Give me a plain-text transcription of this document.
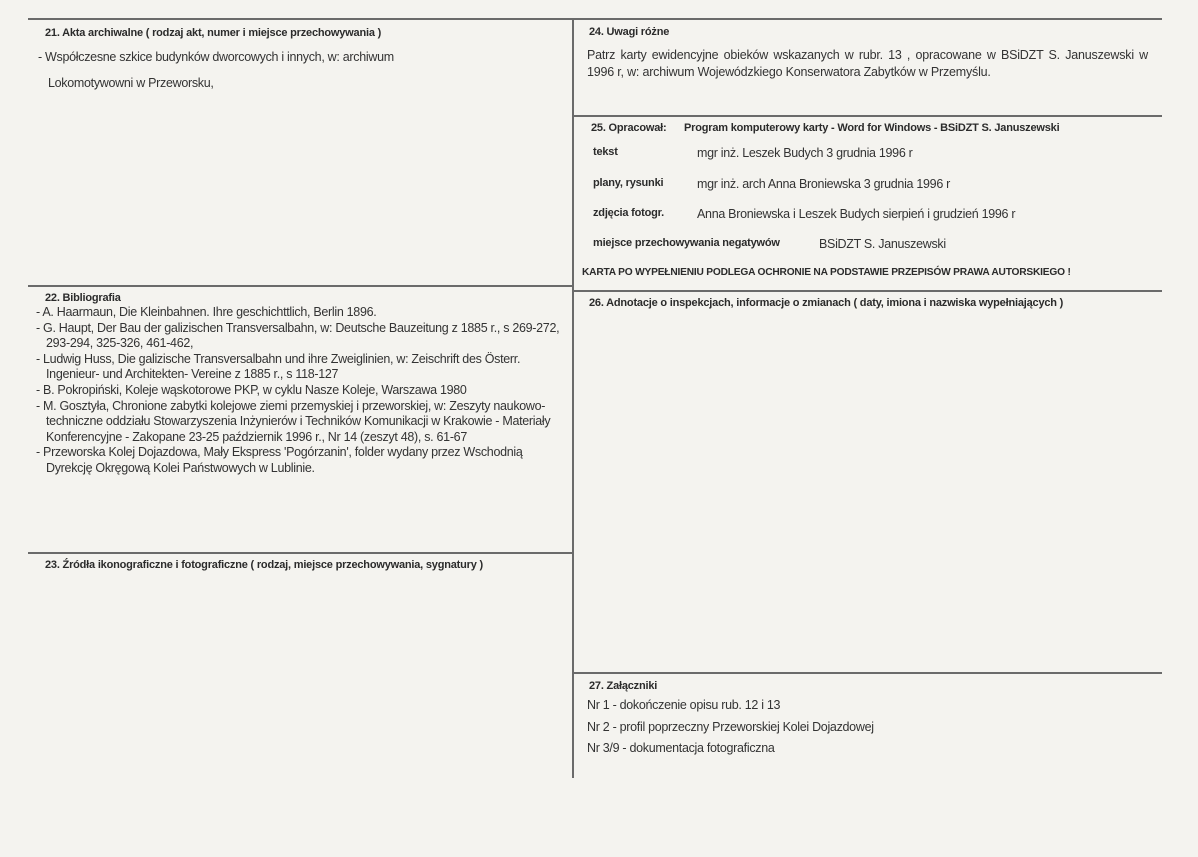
21. Akta archiwalne ( rodzaj akt, numer i miejsce przechowywania )
- Współczesne szkice budynków dworcowych i innych, w: archiwum
Lokomotywowni w Przeworsku,
22. Bibliografia
- A. Haarmaun, Die Kleinbahnen. Ihre geschichttlich, Berlin 1896.
- G. Haupt, Der Bau der galizischen Transversalbahn, w: Deutsche Bauzeitung z 1885 r., s 269-272, 293-294, 325-326, 461-462,
- Ludwig Huss, Die galizische Transversalbahn und ihre Zweiglinien, w: Zeischrift des Österr. Ingenieur- und Architekten- Vereine z 1885 r., s 118-127
- B. Pokropiński, Koleje wąskotorowe PKP, w cyklu Nasze Koleje, Warszawa 1980
- M. Gosztyła, Chronione zabytki kolejowe ziemi przemyskiej i przeworskiej, w: Zeszyty naukowo-techniczne oddziału Stowarzyszenia Inżynierów i Techników Komunikacji w Krakowie - Materiały Konferencyjne - Zakopane 23-25 październik 1996 r., Nr 14 (zeszyt 48), s. 61-67
- Przeworska Kolej Dojazdowa, Mały Ekspress 'Pogórzanin', folder wydany przez Wschodnią Dyrekcję Okręgową Kolei Państwowych w Lublinie.
23. Źródła ikonograficzne i fotograficzne ( rodzaj, miejsce przechowywania, sygnatury )
24. Uwagi różne
Patrz karty ewidencyjne obieków wskazanych w rubr. 13 , opracowane w BSiDZT S. Januszewski w 1996 r, w: archiwum Wojewódzkiego Konserwatora Zabytków w Przemyślu.
25. Opracował: Program komputerowy karty - Word for Windows - BSiDZT S. Januszewski
tekst	mgr inż. Leszek Budych 3 grudnia 1996 r
plany, rysunki	mgr inż. arch Anna Broniewska 3 grudnia 1996 r
zdjęcia fotogr.	Anna Broniewska i Leszek Budych sierpień i grudzień 1996 r
miejsce przechowywania negatywów	BSiDZT S. Januszewski
KARTA PO WYPEŁNIENIU PODLEGA OCHRONIE NA PODSTAWIE PRZEPISÓW PRAWA AUTORSKIEGO !
26. Adnotacje o inspekcjach, informacje o zmianach ( daty, imiona i nazwiska wypełniających )
27. Załączniki
Nr 1 - dokończenie opisu rub. 12 i 13
Nr 2 - profil poprzeczny Przeworskiej Kolei Dojazdowej
Nr 3/9 - dokumentacja fotograficzna
